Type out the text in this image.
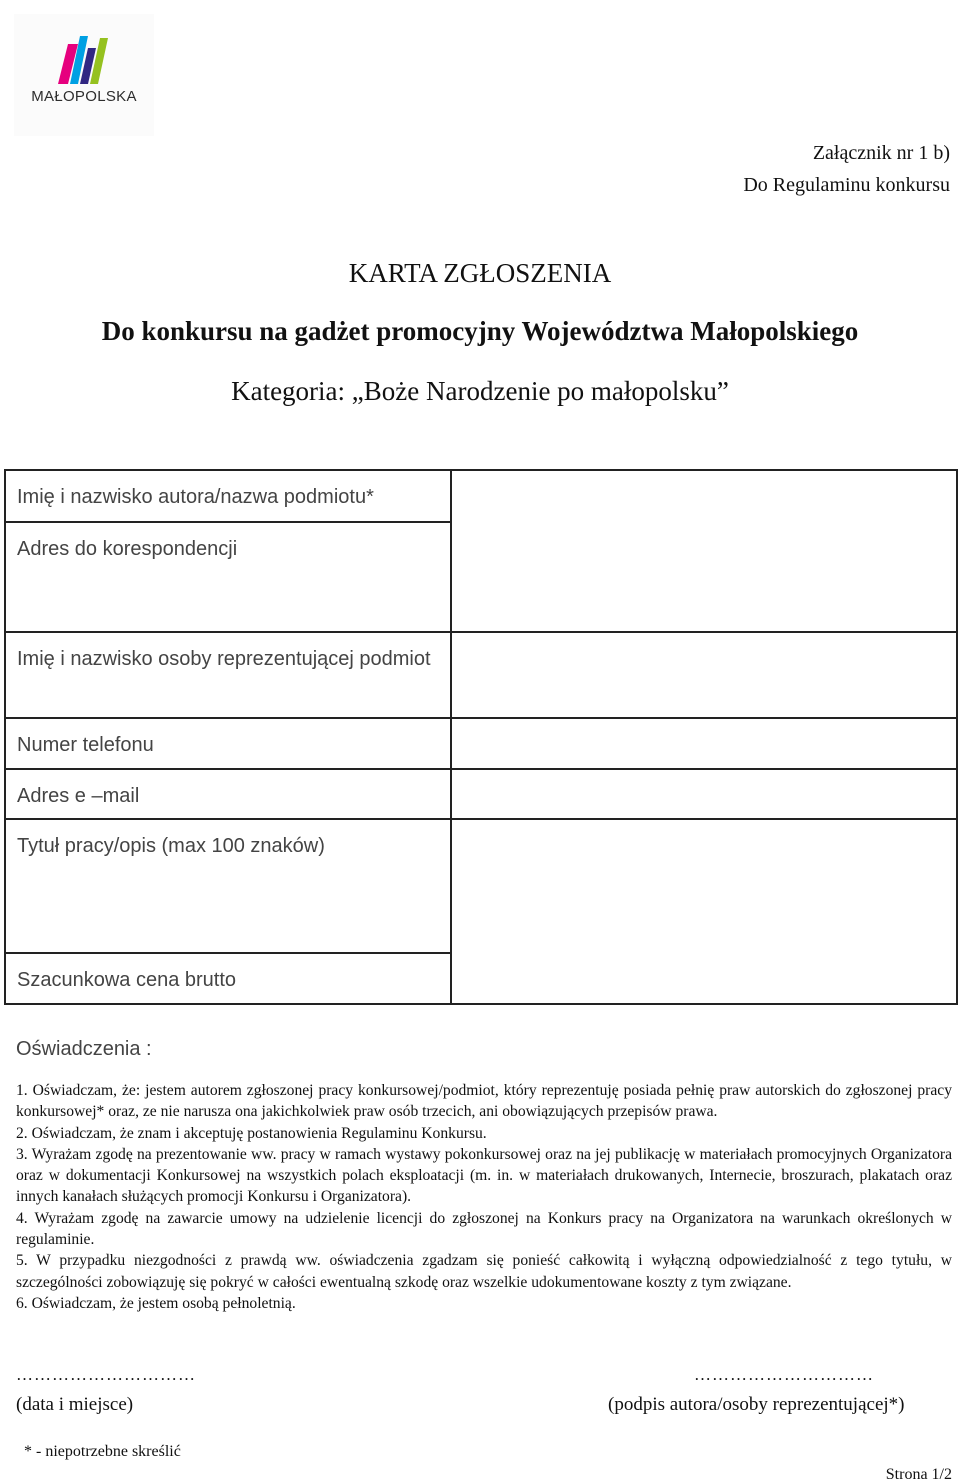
MAŁOPOLSKA
Załącznik nr 1 b)
Do Regulaminu konkursu
KARTA ZGŁOSZENIA
Do konkursu na gadżet promocyjny Województwa Małopolskiego
Kategoria: „Boże Narodzenie po małopolsku”
Imię i nazwisko autora/nazwa podmiotu*	
Adres do korespondencji	
Imię i nazwisko osoby reprezentującej podmiot	
Numer telefonu	
Adres e –mail	
Tytuł pracy/opis (max 100 znaków)	
Szacunkowa cena brutto	
Oświadczenia :

1. Oświadczam, że: jestem autorem zgłoszonej pracy konkursowej/podmiot, który reprezentuję posiada pełnię praw autorskich do zgłoszonej pracy konkursowej* oraz, ze nie narusza ona jakichkolwiek praw osób trzecich, ani obowiązujących przepisów prawa.

2. Oświadczam, że znam i akceptuję postanowienia Regulaminu Konkursu.

3. Wyrażam zgodę na prezentowanie ww. pracy w ramach wystawy pokonkursowej oraz na jej publikację w materiałach promocyjnych Organizatora oraz w dokumentacji Konkursowej na wszystkich polach eksploatacji (m. in. w materiałach drukowanych, Internecie, broszurach, plakatach oraz innych kanałach służących promocji Konkursu i Organizatora).

4. Wyrażam zgodę na zawarcie umowy na udzielenie licencji do zgłoszonej na Konkurs pracy na Organizatora na warunkach określonych w regulaminie.

5. W przypadku niezgodności z prawdą ww. oświadczenia zgadzam się ponieść całkowitą i wyłączną odpowiedzialność z tego tytułu, w szczególności zobowiązuję się pokryć w całości ewentualną szkodę oraz wszelkie udokumentowane koszty z tym związane.

6. Oświadczam, że jestem osobą pełnoletnią.

…………………………	…………………………
(data i miejsce)	(podpis autora/osoby reprezentującej*)
* - niepotrzebne skreślić
Strona 1/2
